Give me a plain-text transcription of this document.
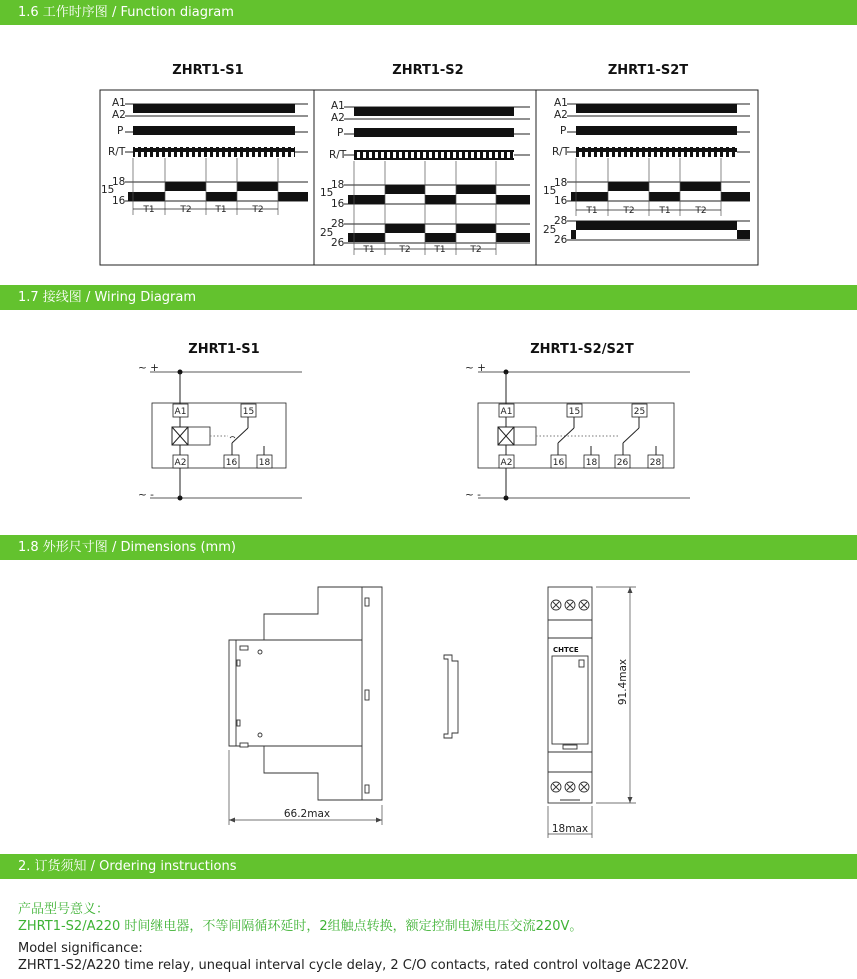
1.6 工作时序图 / Function diagram
1.7 接线图 / Wiring Diagram
1.8 外形尺寸图 / Dimensions (mm)
2. 订货须知 / Ordering instructions
ZHRT1-S1	ZHRT1-S2	ZHRT1-S2T
A1
A2
P
R/T
18
15
16
T1	T2	T1	T2
A1
A2
P
R/T
18
15
16
28
25
26
T1	T2	T1	T2
A1
A2
P
R/T
18
15
16
28
25
26
T1	T2	T1	T2
ZHRT1-S1	ZHRT1-S2/S2T
~ +
~ -
A1
A2
15
16 18
~ +
~ -
A1
A2
15
16 18
25
26 28
66.2max
CHTCE
91.4max
18max
产品型号意义：
ZHRT1-S2/A220 时间继电器，不等间隔循环延时，2组触点转换，额定控制电源电压交流220V。
Model significance:
ZHRT1-S2/A220 time relay, unequal interval cycle delay, 2 C/O contacts, rated control voltage AC220V.
